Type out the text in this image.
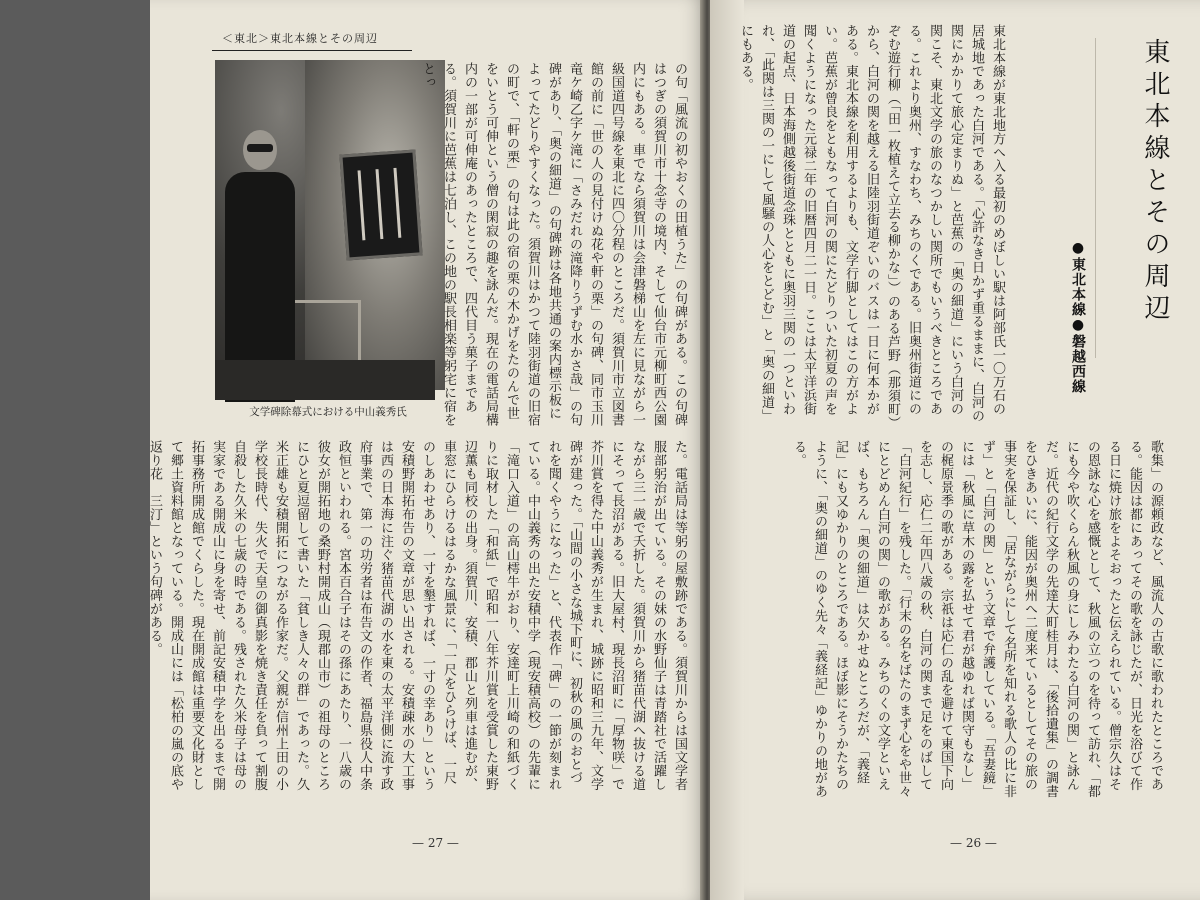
＜東北＞東北本線とその周辺
文学碑除幕式における中山義秀氏	の句「風流の初やおくの田植うた」の句碑がある。この句碑はつぎの須賀川市十念寺の境内、そして仙台市元柳町西公園内にもある。車でなら須賀川は会津磐梯山を左に見ながら一級国道四号線を東北に四〇分程のところだ。須賀川市立図書館の前に「世の人の見付けぬ花や軒の栗」の句碑、同市玉川竜ケ崎乙字ケ滝に「さみだれの滝降りうずむ水かさ哉」の句碑があり、「奥の細道」の句碑跡は各地共通の案内標示板によってたどりやすくなった。須賀川はかつて陸羽街道の旧宿の町で、「軒の栗」の句は此の宿の栗の木かげをたのんで世をいとう可伸という僧の閑寂の趣を詠んだ。現在の電話局構内の一部が可伸庵のあったところで、四代目う菓子まである。須賀川に芭蕉は七泊し、この地の駅長相楽等躬宅に宿をとっ
た。電話局は等躬の屋敷跡である。須賀川からは国文学者服部躬治が出ている。その妹の水野仙子は青踏社で活躍しながら三一歳で夭折した。須賀川から猪苗代湖へ抜ける道にそって長沼がある。旧大屋村、現長沼町に「厚物咲」で芥川賞を得た中山義秀が生まれ、城跡に昭和三九年、文学碑が建った。「山間の小さな城下町に、初秋の風のおとづれを聞くやうになった」と、代表作「碑」の一節が刻まれている。中山義秀の出た安積中学（現安積高校）の先輩に「滝口入道」の高山樗牛がおり、安達町上川崎の和紙づくりに取材した「和紙」で昭和一八年芥川賞を受賞した東野辺薫も同校の出身。須賀川、安積、郡山と列車は進むが、車窓にひらけるはるかな風景に、「一尺をひらけば、一尺のしあわせあり、一寸を墾すれば、一寸の幸あり」という安積野開拓布告の文章が思い出される。安積疎水の大工事は西の日本海に注ぐ猪苗代湖の水を東の太平洋側に流す政府事業で、第一の功労者は布告文の作者、福島県役人中条政恒といわれる。宮本百合子はその孫にあたり、一八歳の彼女が開拓地の桑野村開成山（現郡山市）の祖母のところにひと夏逗留して書いた「貧しき人々の群」であった。久米正雄も安積開拓につながる作家だ。父親が信州上田の小学校長時代、失火で天皇の御真影を焼き責任を負って割腹自殺した久米の七歳の時である。残された久米母子は母の実家である開成山に身を寄せ、前記安積中学を出るまで開拓事務所開成館でくらした。現在開成館は重要文化財として郷土資料館となっている。開成山には「松柏の嵐の底や返り花　三汀」という句碑がある。
— 27 —
東北本線とその周辺
●東北本線●磐越西線
東北本線が東北地方へ入る最初のめぼしい駅は阿部氏一〇万石の居城地であった白河である。「心許なき日かず重るままに、白河の関にかかりて旅心定まりぬ」と芭蕉の「奥の細道」にいう白河の関こそ、東北文学の旅のなつかしい関所でもいうべきところである。これより奥州、すなわち、みちのくである。旧奥州街道にのぞむ遊行柳（「田一枚植えて立去る柳かな」）のある芦野（那須町）から、白河の関を越える旧陸羽街道ぞいのバスは一日に何本かがある。東北本線を利用するよりも、文学行脚としてはこの方がよい。芭蕉が曾良をともなって白河の関にたどりついた初夏の声を聞くようになった元禄二年の旧暦四月二一日。ここは太平洋浜街道の起点、日本海側越後街道念珠とともに奥羽三関の一つといわれ、「此関は三関の一にして風騒の人心をとどむ」と「奥の細道」にもある。
歌集」の源頼政など、風流人の古歌に歌われたところである。能因は都にあってその歌を詠じたが、日光を浴びて作る日に焼け旅をよそおったと伝えられている。僧宗久はその恩詠な心を感慨として、秋風の立つのを待って訪れ、「都にも今や吹くらん秋風の身にしみわたる白河の関」と詠んだ。近代の紀行文学の先達大町桂月は、「後拾遺集」の調書をひきあいに、能因が奥州へ二度来ているとしてその旅の事実を保証し、「居ながらにして名所を知れる歌人の比に非ず」と「白河の関」という文章で弁護している。「吾妻鏡」には「秋風に草木の露を払せて君が越ゆれば関守もなし」の梶原景季の歌がある。宗祇は応仁の乱を避けて東国下向を志し、応仁二年四八歳の秋、白河の関まで足をのばして「白河紀行」を残した。「行末の名をばたのまず心をや世々にとどめん白河の関」の歌がある。みちのくの文学といえば、もちろん「奥の細道」は欠かせぬところだが、「義経記」にも又ゆかりのところである。ほぼ影にそうかたちのように、「奥の細道」のゆく先々「義経記」ゆかりの地がある。
— 26 —
